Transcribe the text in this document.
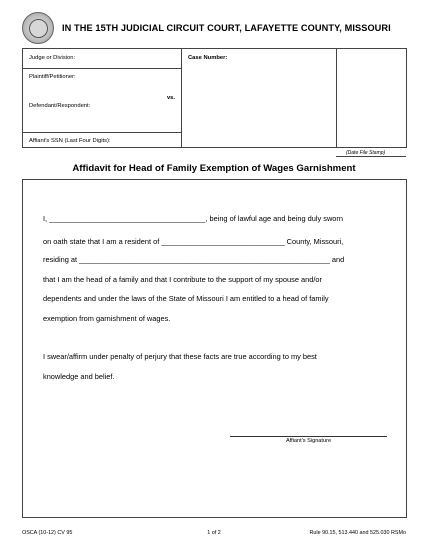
IN THE 15TH JUDICIAL CIRCUIT COURT, LAFAYETTE COUNTY, MISSOURI
Judge or Division:
Plaintiff/Petitioner:
vs.
Defendant/Respondent:
Affiant's SSN (Last Four Digits):
Case Number:
(Date File Stamp)
Affidavit for Head of Family Exemption of Wages Garnishment
I, ______________________________________, being of lawful age and being duly sworn
on oath state that I am a resident of ______________________________ County, Missouri,
residing at _____________________________________________________________ and
that I am the head of a family and that I contribute to the support of my spouse and/or
dependents and under the laws of the State of Missouri I am entitled to a head of family
exemption from garnishment of wages.
I swear/affirm under penalty of perjury that these facts are true according to my best
knowledge and belief.
Affiant's Signature
OSCA (10-12) CV 95	1 of 2	Rule 90.15, 513.440 and 525.030 RSMo
